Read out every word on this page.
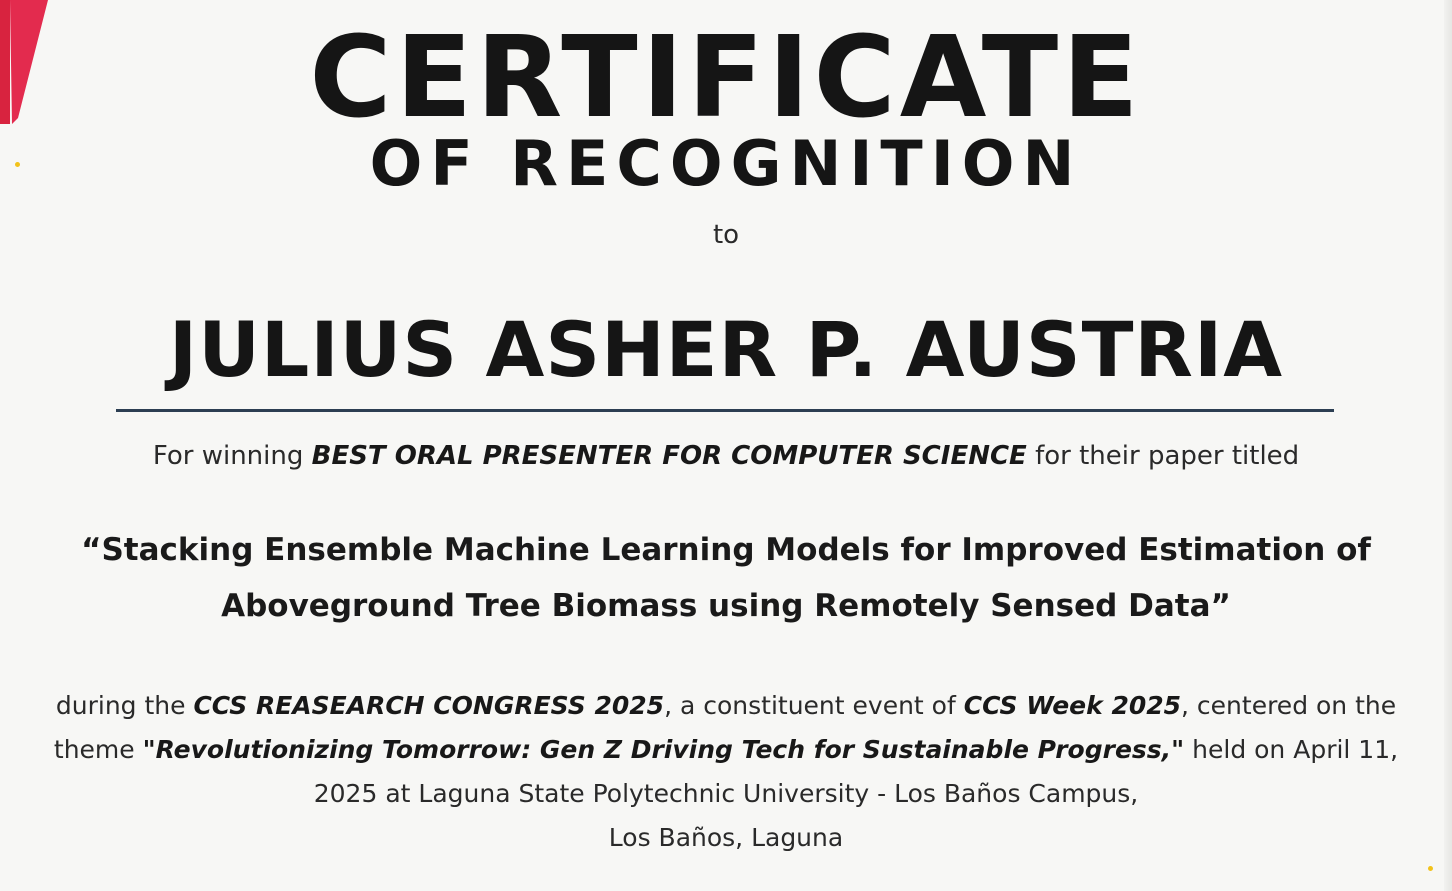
CERTIFICATE
OF RECOGNITION
to
JULIUS ASHER P. AUSTRIA
For winning BEST ORAL PRESENTER FOR COMPUTER SCIENCE for their paper titled
“Stacking Ensemble Machine Learning Models for Improved Estimation of
Aboveground Tree Biomass using Remotely Sensed Data”
during the CCS REASEARCH CONGRESS 2025, a constituent event of CCS Week 2025, centered on the
theme "Revolutionizing Tomorrow: Gen Z Driving Tech for Sustainable Progress," held on April 11,
2025 at Laguna State Polytechnic University - Los Baños Campus,
Los Baños, Laguna
